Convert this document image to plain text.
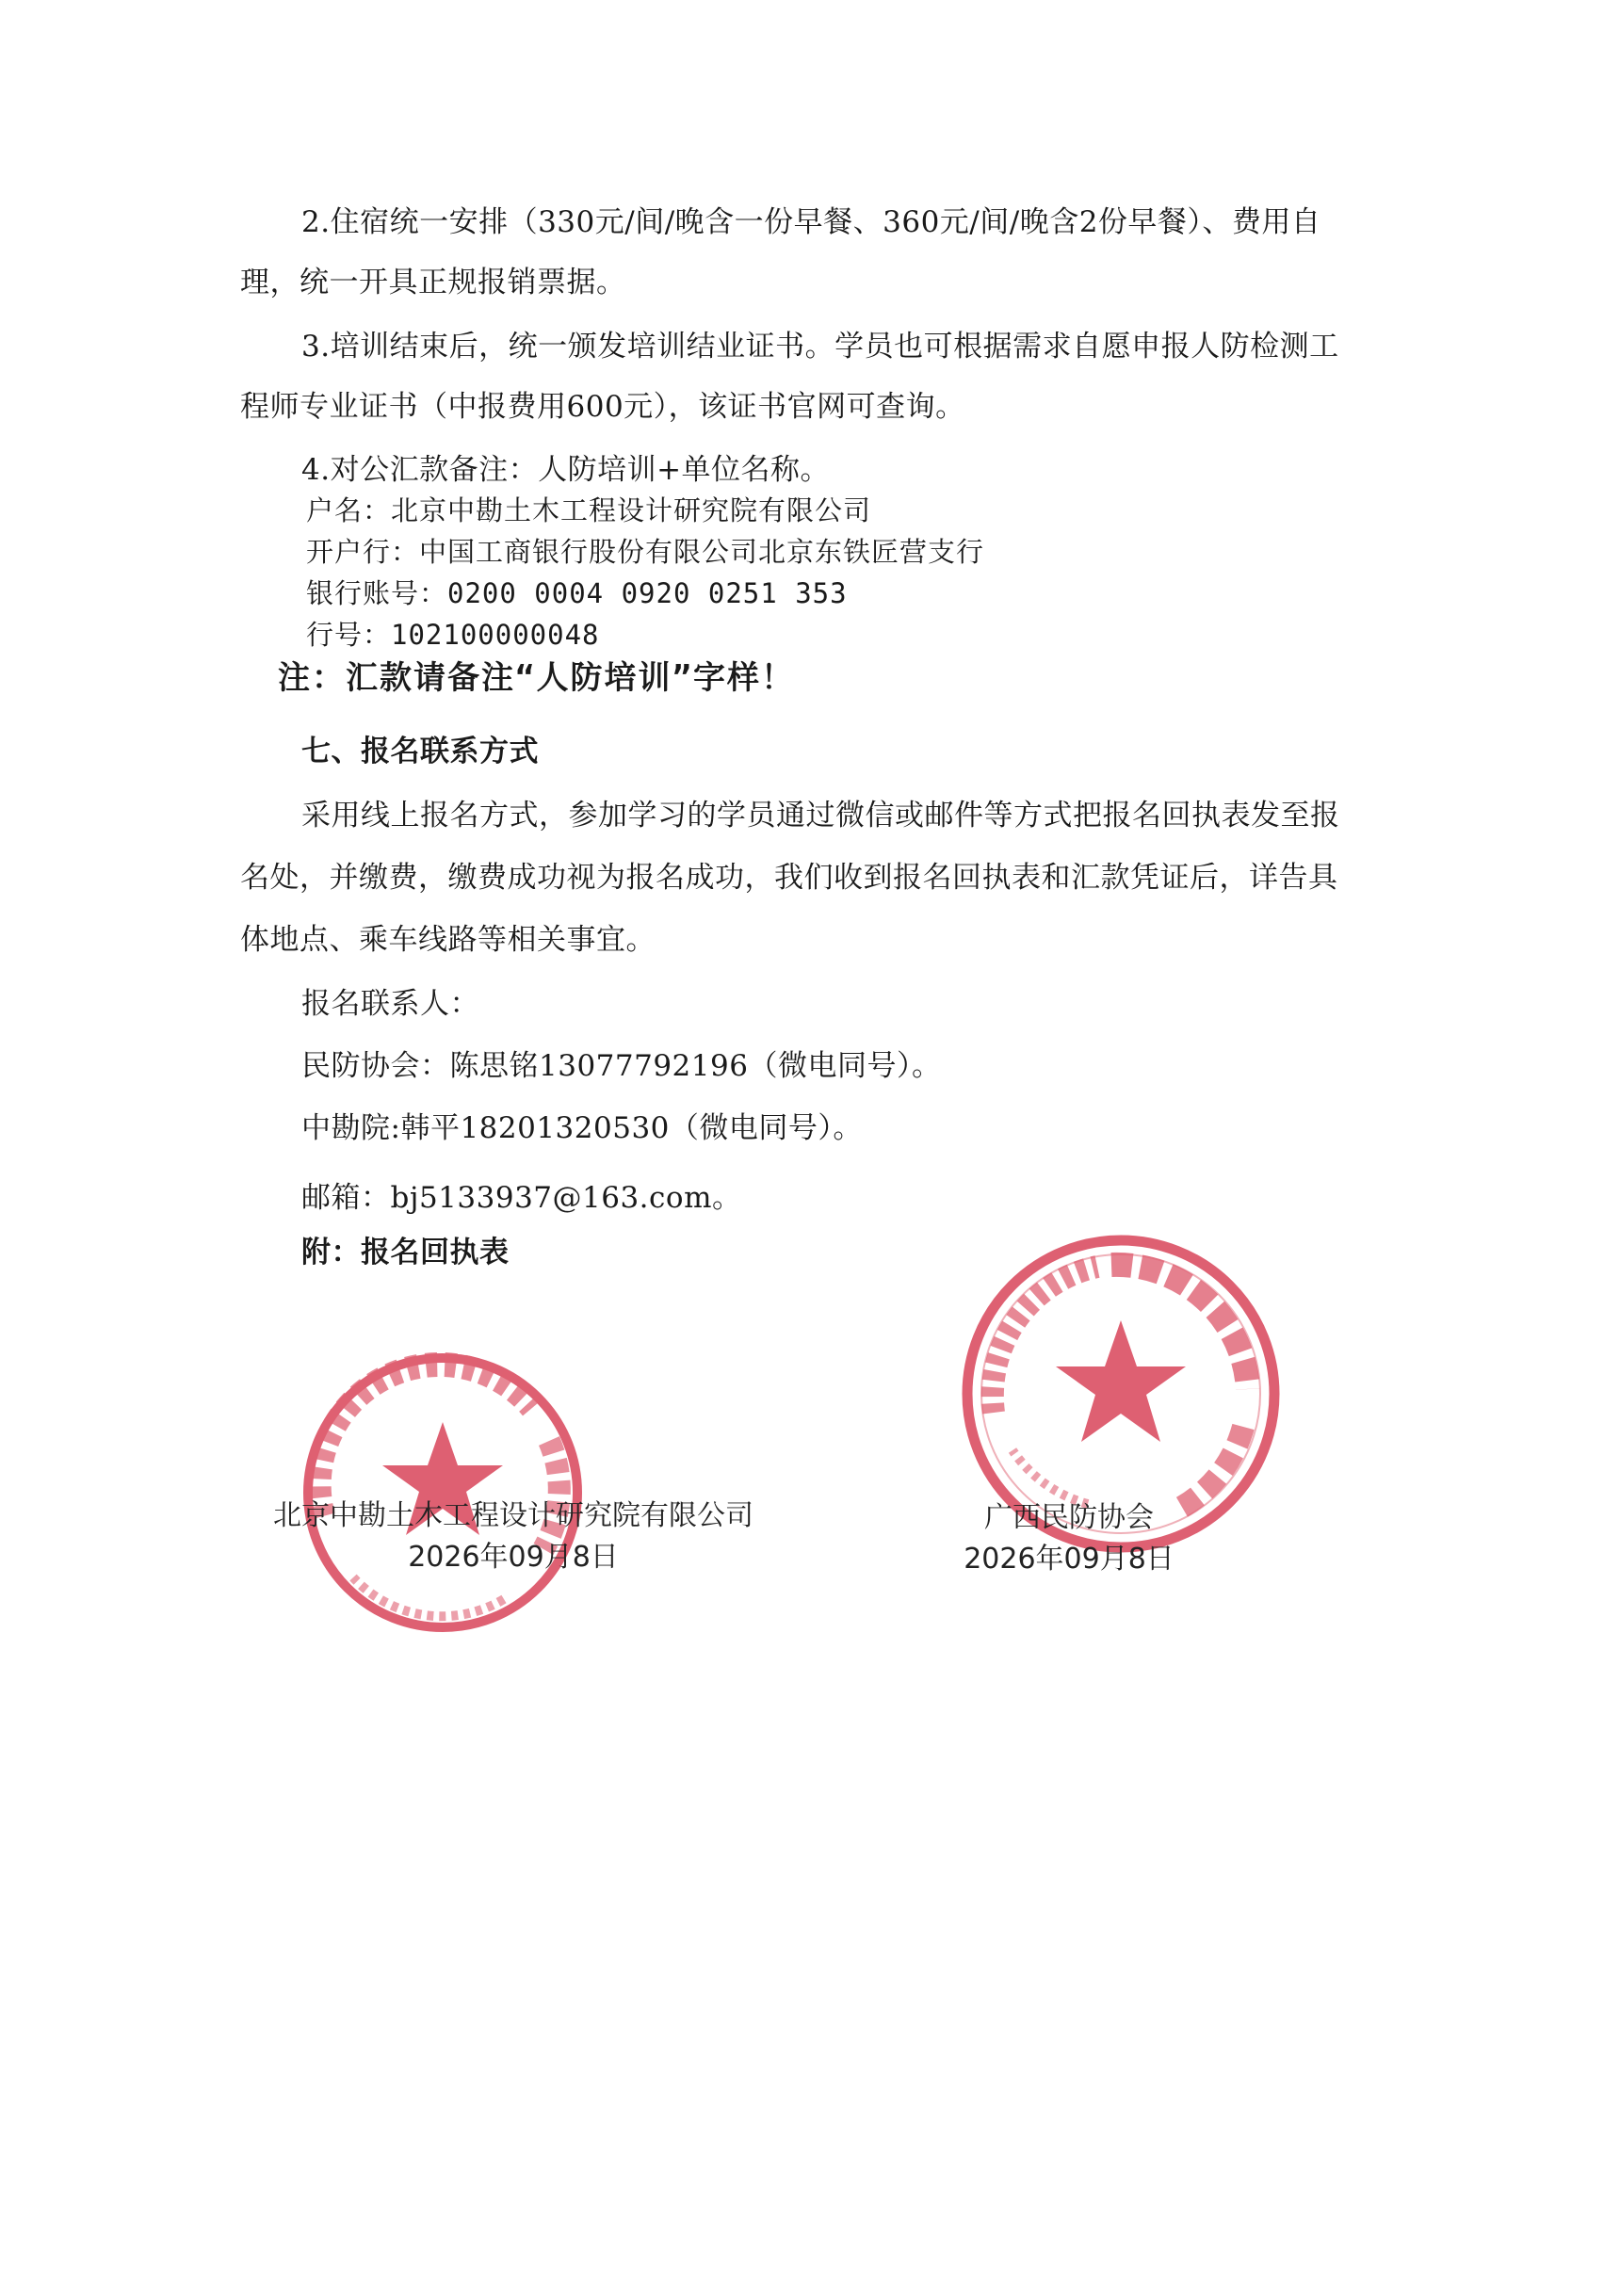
2.住宿统一安排（330元/间/晚含一份早餐、360元/间/晚含2份早餐）、费用自
理，统一开具正规报销票据。
3.培训结束后，统一颁发培训结业证书。学员也可根据需求自愿申报人防检测工
程师专业证书（中报费用600元），该证书官网可查询。
4.对公汇款备注：人防培训+单位名称。
户名：北京中勘土木工程设计研究院有限公司
开户行：中国工商银行股份有限公司北京东铁匠营支行
银行账号：0200 0004 0920 0251 353
行号：102100000048
注：汇款请备注“人防培训”字样！
七、报名联系方式
采用线上报名方式，参加学习的学员通过微信或邮件等方式把报名回执表发至报
名处，并缴费，缴费成功视为报名成功，我们收到报名回执表和汇款凭证后，详告具
体地点、乘车线路等相关事宜。
报名联系人：
民防协会：陈思铭13077792196（微电同号）。
中勘院:韩平18201320530（微电同号）。
邮箱：bj5133937@163.com。
附：报名回执表
北京中勘土木工程设计研究院有限公司
2026年09月8日
广西民防协会
2026年09月8日
